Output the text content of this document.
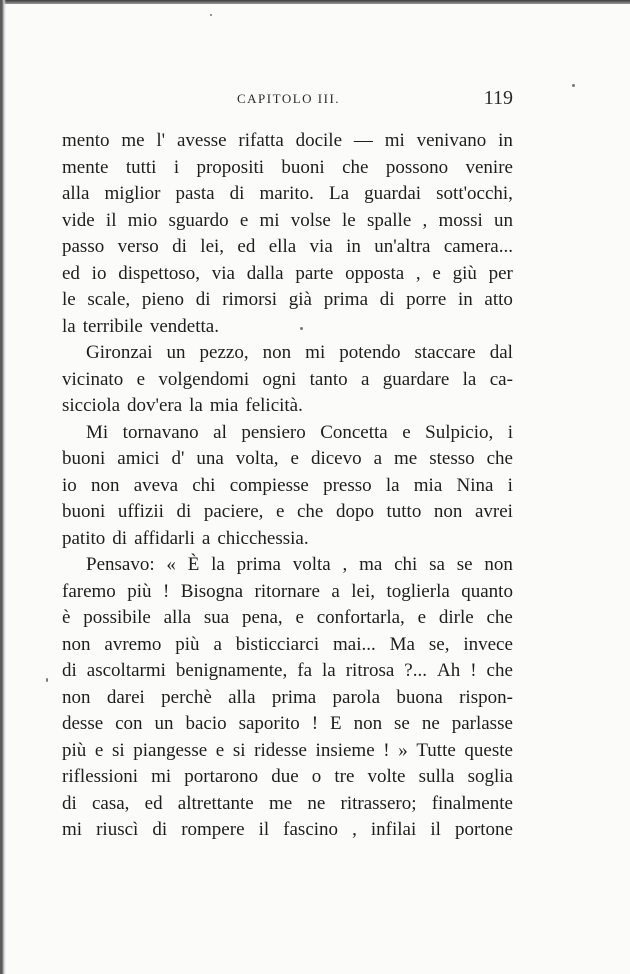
CAPITOLO III.	119
mento me l' avesse rifatta docile — mi venivano in
mente tutti i propositi buoni che possono venire
alla miglior pasta di marito. La guardai sott'occhi,
vide il mio sguardo e mi volse le spalle , mossi un
passo verso di lei, ed ella via in un'altra camera...
ed io dispettoso, via dalla parte opposta , e giù per
le scale, pieno di rimorsi già prima di porre in atto
la terribile vendetta.
Gironzai un pezzo, non mi potendo staccare dal
vicinato e volgendomi ogni tanto a guardare la ca-
sicciola dov'era la mia felicità.
Mi tornavano al pensiero Concetta e Sulpicio, i
buoni amici d' una volta, e dicevo a me stesso che
io non aveva chi compiesse presso la mia Nina i
buoni uffizii di paciere, e che dopo tutto non avrei
patito di affidarli a chicchessia.
Pensavo: « È la prima volta , ma chi sa se non
faremo più ! Bisogna ritornare a lei, toglierla quanto
è possibile alla sua pena, e confortarla, e dirle che
non avremo più a bisticciarci mai... Ma se, invece
di ascoltarmi benignamente, fa la ritrosa ?... Ah ! che
non darei perchè alla prima parola buona rispon-
desse con un bacio saporito ! E non se ne parlasse
più e si piangesse e si ridesse insieme ! » Tutte queste
riflessioni mi portarono due o tre volte sulla soglia
di casa, ed altrettante me ne ritrassero; finalmente
mi riuscì di rompere il fascino , infilai il portone
